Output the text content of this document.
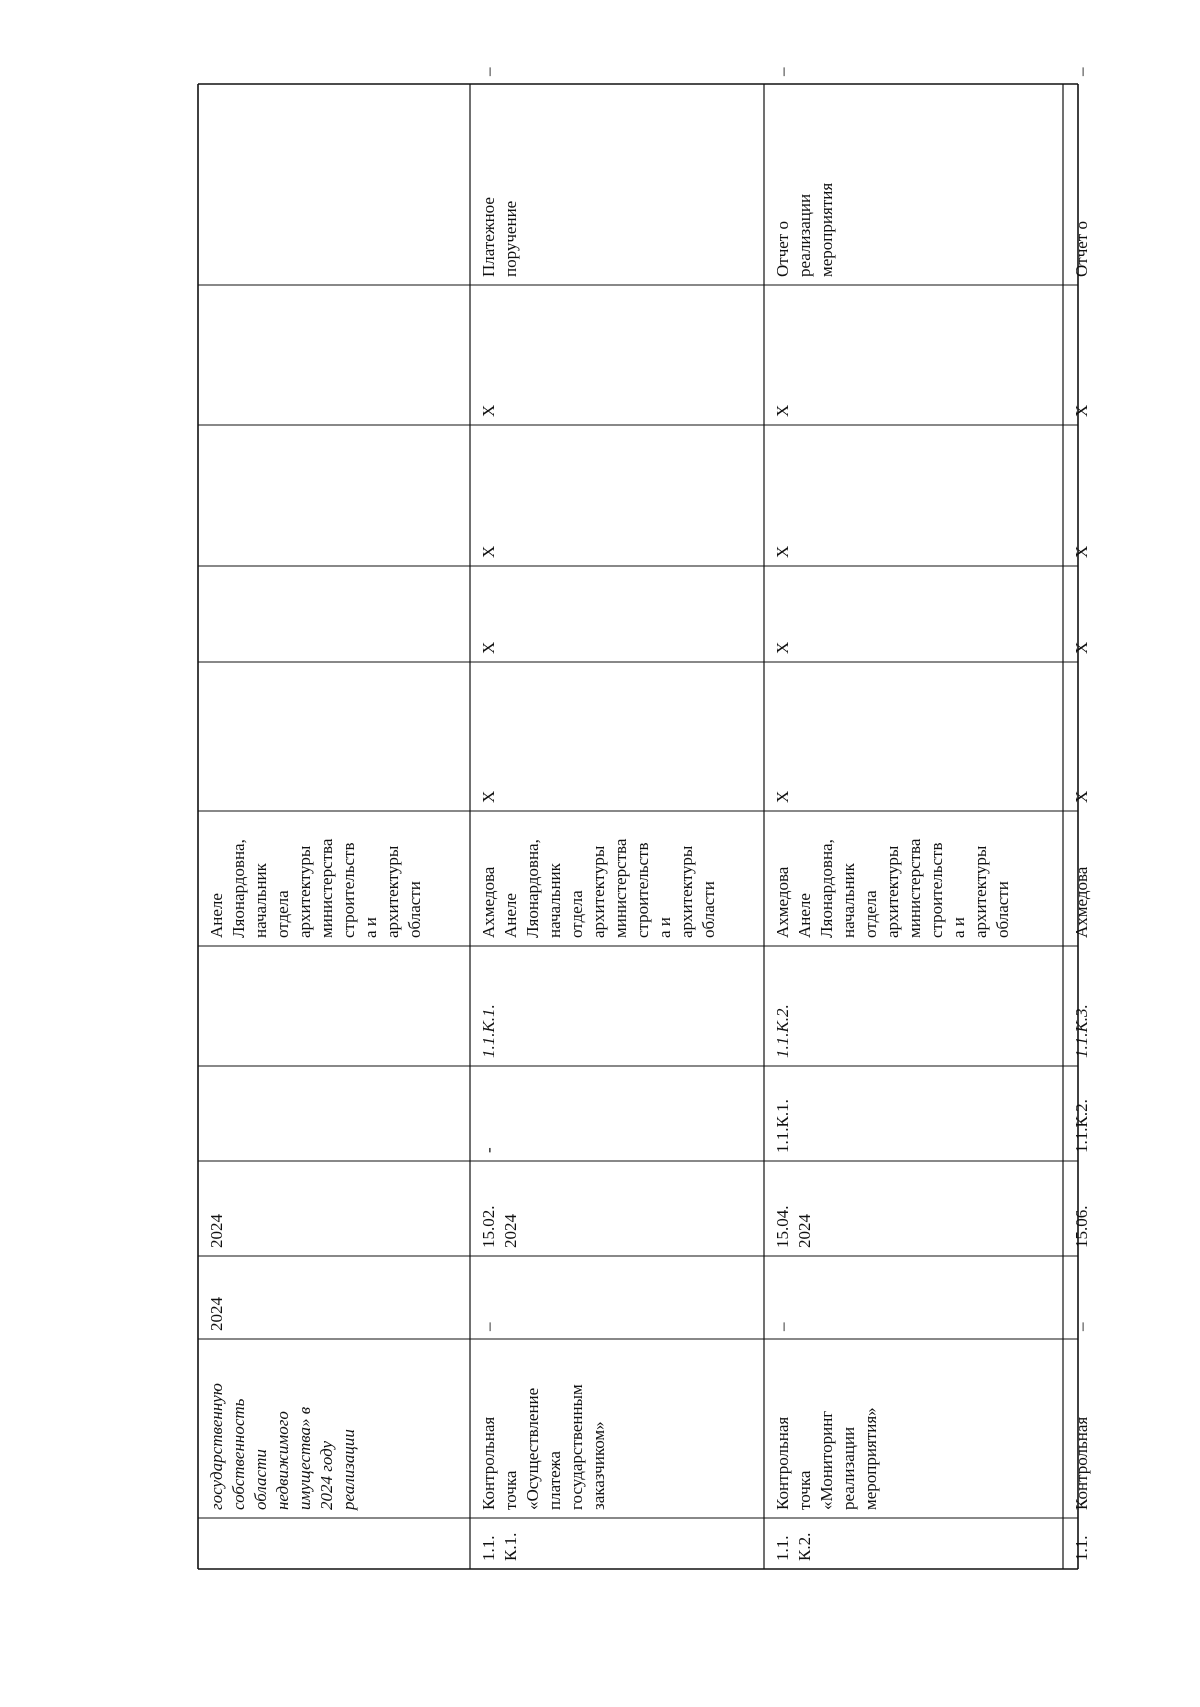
государственную
собственность
области
недвижимого
имущества» в
2024 году
реализации
2024
2024
Анеле
Ляонардовна,
начальник
отдела
архитектуры
министерства
строительств
а и
архитектуры
области
1.1.
К.1.
Контрольная
точка
«Осуществление
платежа
государственным
заказчиком»
–
15.02.
2024
-
1.1.К.1.
Ахмедова
Анеле
Ляонардовна,
начальник
отдела
архитектуры
министерства
строительств
а и
архитектуры
области
X
X
X
X
Платежное
поручение
–
1.1.
К.2.
Контрольная
точка
«Мониторинг
реализации
мероприятия»
–
15.04.
2024
1.1.К.1.
1.1.К.2.
Ахмедова
Анеле
Ляонардовна,
начальник
отдела
архитектуры
министерства
строительств
а и
архитектуры
области
X
X
X
X
Отчет о
реализации
мероприятия
–
1.1.
Контрольная
–
15.06.
1.1.К.2.
1.1.К.3.
Ахмедова
X
X
X
X
Отчет о
–
